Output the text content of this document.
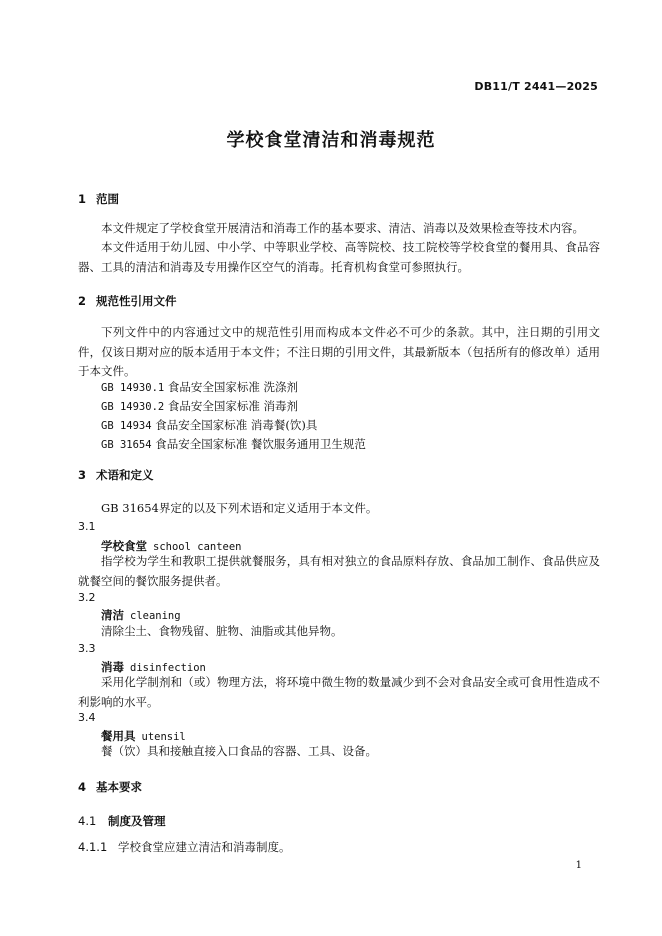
DB11/T 2441—2025
学校食堂清洁和消毒规范
1 范围
本文件规定了学校食堂开展清洁和消毒工作的基本要求、清洁、消毒以及效果检查等技术内容。
本文件适用于幼儿园、中小学、中等职业学校、高等院校、技工院校等学校食堂的餐用具、食品容器、工具的清洁和消毒及专用操作区空气的消毒。托育机构食堂可参照执行。
2 规范性引用文件
下列文件中的内容通过文中的规范性引用而构成本文件必不可少的条款。其中，注日期的引用文件，仅该日期对应的版本适用于本文件；不注日期的引用文件，其最新版本（包括所有的修改单）适用于本文件。
GB 14930.1 食品安全国家标准 洗涤剂
GB 14930.2 食品安全国家标准 消毒剂
GB 14934 食品安全国家标准 消毒餐(饮)具
GB 31654 食品安全国家标准 餐饮服务通用卫生规范
3 术语和定义
GB 31654界定的以及下列术语和定义适用于本文件。
3.1
学校食堂 school canteen
指学校为学生和教职工提供就餐服务，具有相对独立的食品原料存放、食品加工制作、食品供应及就餐空间的餐饮服务提供者。
3.2
清洁 cleaning
清除尘土、食物残留、脏物、油脂或其他异物。
3.3
消毒 disinfection
采用化学制剂和（或）物理方法，将环境中微生物的数量减少到不会对食品安全或可食用性造成不利影响的水平。
3.4
餐用具 utensil
餐（饮）具和接触直接入口食品的容器、工具、设备。
4 基本要求
4.1 制度及管理
4.1.1 学校食堂应建立清洁和消毒制度。
1
